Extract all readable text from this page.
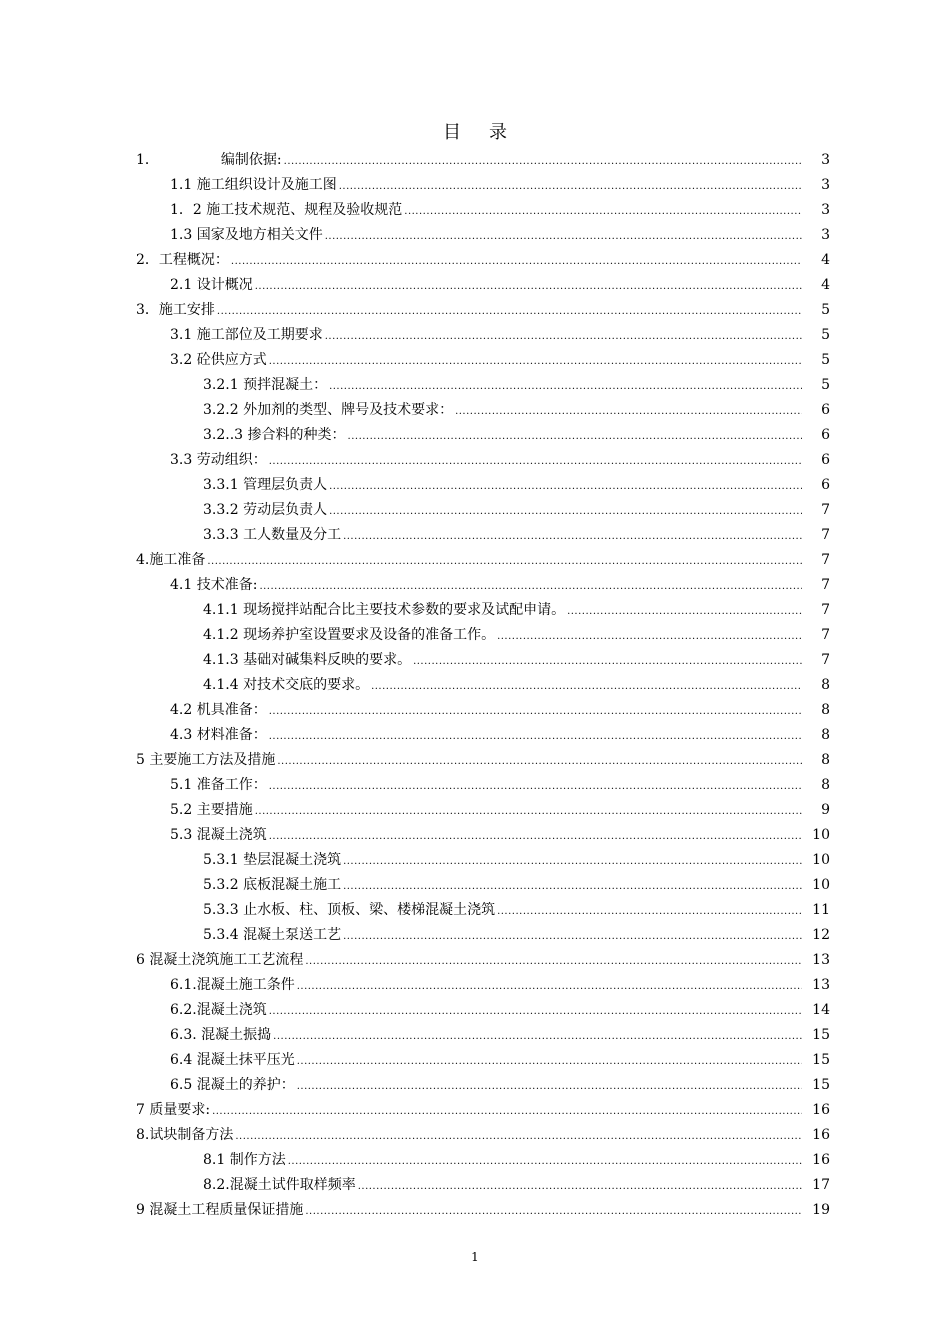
目录
1．	编制依据: .....	3
1.1 施工组织设计及施工图 .....	3
1．2 施工技术规范、规程及验收规范 .....	3
1.3 国家及地方相关文件 .....	3
2．工程概况： .....	4
2.1 设计概况 .....	4
3．施工安排 .....	5
3.1 施工部位及工期要求 .....	5
3.2 砼供应方式 .....	5
3.2.1 预拌混凝土： .....	5
3.2.2 外加剂的类型、牌号及技术要求： .....	6
3.2..3 掺合料的种类： .....	6
3.3 劳动组织： .....	6
3.3.1 管理层负责人 .....	6
3.3.2 劳动层负责人 .....	7
3.3.3 工人数量及分工 .....	7
4.施工准备 .....	7
4.1 技术准备: .....	7
4.1.1 现场搅拌站配合比主要技术参数的要求及试配申请。 .....	7
4.1.2 现场养护室设置要求及设备的准备工作。 .....	7
4.1.3 基础对碱集料反映的要求。 .....	7
4.1.4 对技术交底的要求。 .....	8
4.2 机具准备： .....	8
4.3 材料准备： .....	8
5 主要施工方法及措施 .....	8
5.1 准备工作： .....	8
5.2 主要措施 .....	9
5.3 混凝土浇筑 .....	10
5.3.1 垫层混凝土浇筑 .....	10
5.3.2 底板混凝土施工 .....	10
5.3.3 止水板、柱、顶板、梁、楼梯混凝土浇筑 .....	11
5.3.4 混凝土泵送工艺 .....	12
6 混凝土浇筑施工工艺流程 .....	13
6.1.混凝土施工条件 .....	13
6.2.混凝土浇筑 .....	14
6.3. 混凝土振捣 .....	15
6.4 混凝土抹平压光 .....	15
6.5 混凝土的养护： .....	15
7 质量要求: .....	16
8.试块制备方法 .....	16
8.1 制作方法 .....	16
8.2.混凝土试件取样频率 .....	17
9 混凝土工程质量保证措施 .....	19
1
